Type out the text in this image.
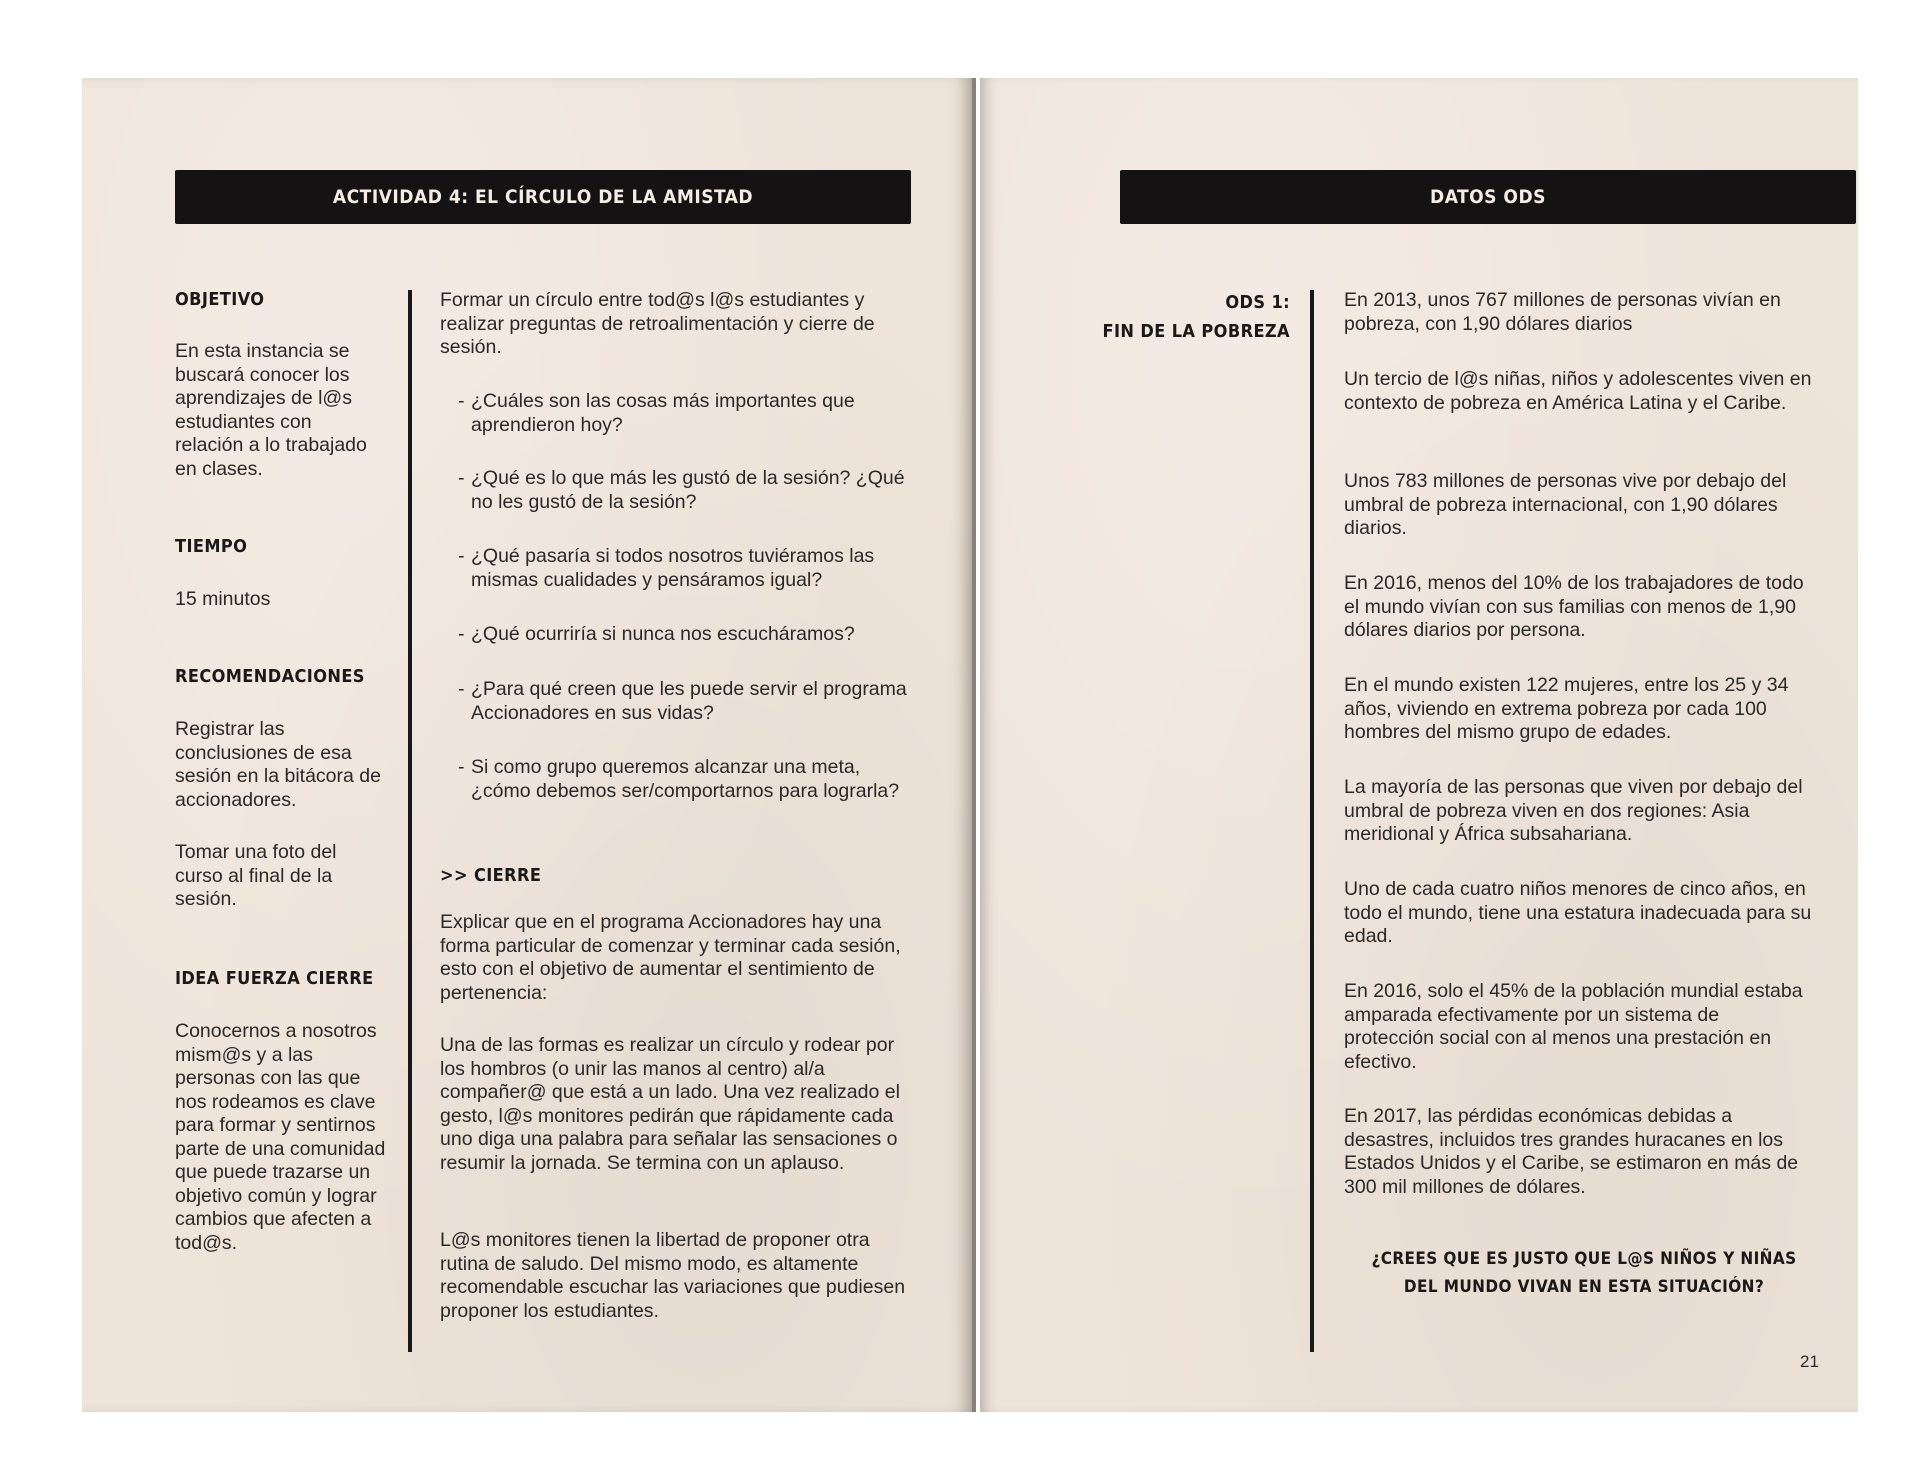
ACTIVIDAD 4: EL CÍRCULO DE LA AMISTAD
OBJETIVO
En esta instancia se buscará conocer los aprendizajes de l@s estudiantes con relación a lo trabajado en clases.
TIEMPO
15 minutos
RECOMENDACIONES
Registrar las conclusiones de esa sesión en la bitácora de accionadores.
Tomar una foto del curso al final de la sesión.
IDEA FUERZA CIERRE
Conocernos a nosotros mism@s y a las personas con las que nos rodeamos es clave para formar y sentirnos parte de una comunidad que puede trazarse un objetivo común y lograr cambios que afecten a tod@s.
Formar un círculo entre tod@s l@s estudiantes y realizar preguntas de retroalimentación y cierre de sesión.
- ¿Cuáles son las cosas más importantes que aprendieron hoy?
- ¿Qué es lo que más les gustó de la sesión? ¿Qué no les gustó de la sesión?
- ¿Qué pasaría si todos nosotros tuviéramos las mismas cualidades y pensáramos igual?
- ¿Qué ocurriría si nunca nos escucháramos?
- ¿Para qué creen que les puede servir el programa Accionadores en sus vidas?
- Si como grupo queremos alcanzar una meta, ¿cómo debemos ser/comportarnos para lograrla?
>> CIERRE
Explicar que en el programa Accionadores hay una forma particular de comenzar y terminar cada sesión, esto con el objetivo de aumentar el sentimiento de pertenencia:
Una de las formas es realizar un círculo y rodear por los hombros (o unir las manos al centro) al/a compañer@ que está a un lado. Una vez realizado el gesto, l@s monitores pedirán que rápidamente cada uno diga una palabra para señalar las sensaciones o resumir la jornada. Se termina con un aplauso.
L@s monitores tienen la libertad de proponer otra rutina de saludo. Del mismo modo, es altamente recomendable escuchar las variaciones que pudiesen proponer los estudiantes.
DATOS ODS
ODS 1:
FIN DE LA POBREZA
En 2013, unos 767 millones de personas vivían en pobreza, con 1,90 dólares diarios
Un tercio de l@s niñas, niños y adolescentes viven en contexto de pobreza en América Latina y el Caribe.
Unos 783 millones de personas vive por debajo del umbral de pobreza internacional, con 1,90 dólares diarios.
En 2016, menos del 10% de los trabajadores de todo el mundo vivían con sus familias con menos de 1,90 dólares diarios por persona.
En el mundo existen 122 mujeres, entre los 25 y 34 años, viviendo en extrema pobreza por cada 100 hombres del mismo grupo de edades.
La mayoría de las personas que viven por debajo del umbral de pobreza viven en dos regiones: Asia meridional y África subsahariana.
Uno de cada cuatro niños menores de cinco años, en todo el mundo, tiene una estatura inadecuada para su edad.
En 2016, solo el 45% de la población mundial estaba amparada efectivamente por un sistema de protección social con al menos una prestación en efectivo.
En 2017, las pérdidas económicas debidas a desastres, incluidos tres grandes huracanes en los Estados Unidos y el Caribe, se estimaron en más de 300 mil millones de dólares.
¿CREES QUE ES JUSTO QUE L@S NIÑOS Y NIÑAS
DEL MUNDO VIVAN EN ESTA SITUACIÓN?
21
